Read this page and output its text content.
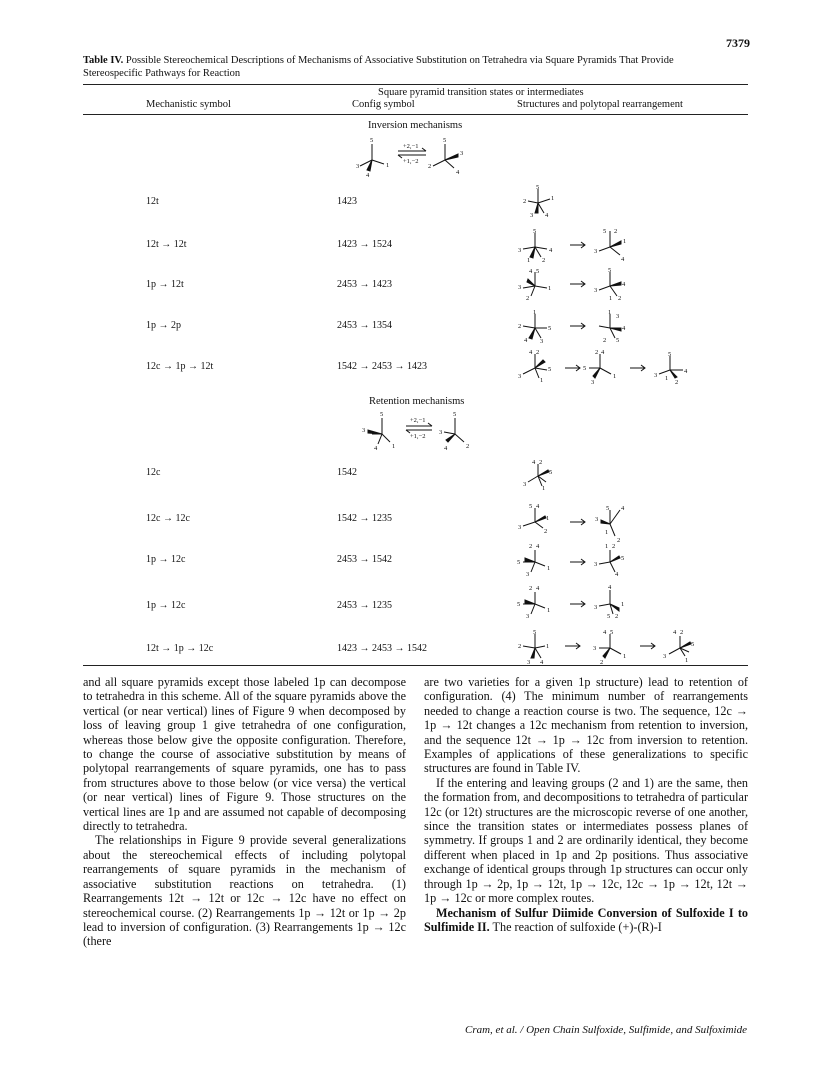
7379
Table IV. Possible Stereochemical Descriptions of Mechanisms of Associative Substitution on Tetrahedra via Square Pyramids That Provide Stereospecific Pathways for Reaction
Mechanistic symbol
Square pyramid transition states or intermediates
Config symbol	Structures and polytopal rearrangement
Inversion mechanisms
5
3	1
4
5
2
3
4
+2,−1
+1,−2
12t	1423
12t → 12t	1423 → 1524
1p → 12t	2453 → 1423
1p → 2p	2453 → 1354
12c → 1p → 12t	1542 → 2453 → 1423
5
2	1
3 4
5
3	4
1 2
5 2
3
1
4
4 5
3	1
2
5
3
4
1 2
1
2	5
4 3
1
3
4
2 5
4 2
5
3
1
2 4
5
3
1
5
3 1
2
4
Retention mechanisms
5
3
1
4
+2,−1
+1,−2
5
3
4	2
12c	1542
12c → 12c	1542 → 1235
1p → 12c	2453 → 1542
1p → 12c	2453 → 1235
12t → 1p → 12c	1423 → 2453 → 1542
4 2
5
3
1
5 4
3
1
2
5 4
3
1
2
2 4
5
1
3
1 2
3
5
4
2 4
5
1
3
4
3	1
5 2
5
2	1
3 4
4 5
3
2
1
4 2
5
3
1

and all square pyramids except those labeled 1p can decompose to tetrahedra in this scheme. All of the square pyramids above the vertical (or near vertical) lines of Figure 9 when decomposed by loss of leaving group 1 give tetrahedra of one configuration, whereas those below give the opposite configuration. Therefore, to change the course of associative substitution by means of polytopal rearrangements of square pyramids, one has to pass from structures above to those below (or vice versa) the vertical (or near vertical) lines of Figure 9. Those structures on the vertical lines are 1p and are assumed not capable of decomposing directly to tetrahedra.

The relationships in Figure 9 provide several generalizations about the stereochemical effects of including polytopal rearrangements of square pyramids in the mechanism of associative substitution reactions on tetrahedra. (1) Rearrangements 12t → 12t or 12c → 12c have no effect on stereochemical course. (2) Rearrangements 1p → 12t or 1p → 2p lead to inversion of configuration. (3) Rearrangements 1p → 12c (there

are two varieties for a given 1p structure) lead to retention of configuration. (4) The minimum number of rearrangements needed to change a reaction course is two. The sequence, 12c → 1p → 12t changes a 12c mechanism from retention to inversion, and the sequence 12t → 1p → 12c from inversion to retention. Examples of applications of these generalizations to specific structures are found in Table IV.

If the entering and leaving groups (2 and 1) are the same, then the formation from, and decompositions to tetrahedra of particular 12c (or 12t) structures are the microscopic reverse of one another, since the transition states or intermediates possess planes of symmetry. If groups 1 and 2 are ordinarily identical, they become different when placed in 1p and 2p positions. Thus associative exchange of identical groups through 1p structures can occur only through 1p → 2p, 1p → 12t, 1p → 12c, 12c → 1p → 12t, 12t → 1p → 12c or more complex routes.

Mechanism of Sulfur Diimide Conversion of Sulfoxide I to Sulfimide II. The reaction of sulfoxide (+)-(R)-I

Cram, et al. / Open Chain Sulfoxide, Sulfimide, and Sulfoximide
